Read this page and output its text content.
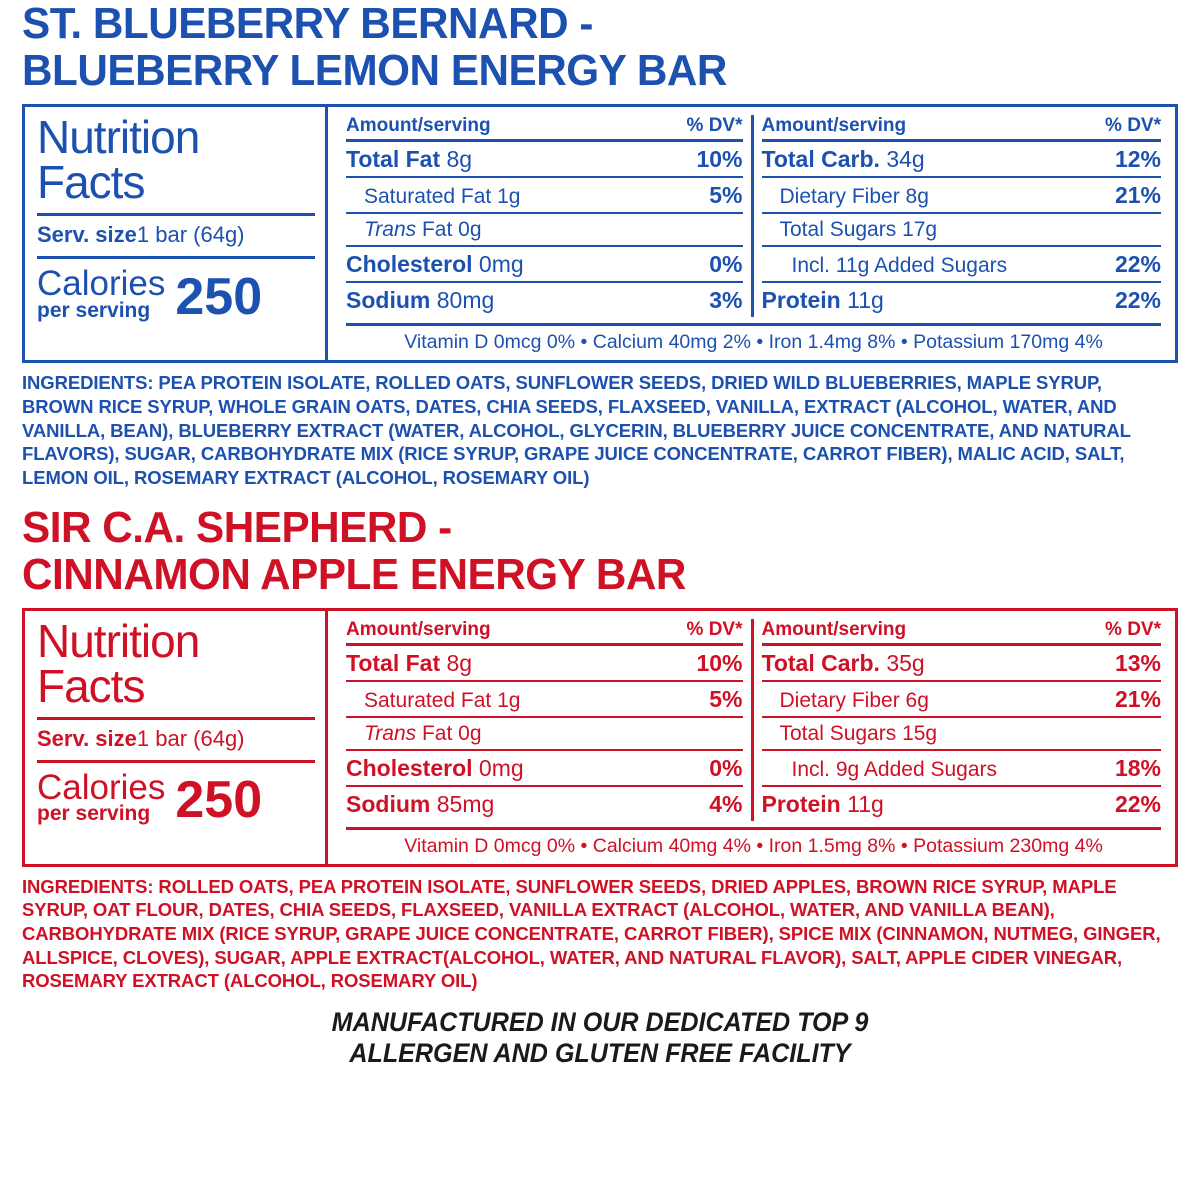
ST. BLUEBERRY BERNARD -
BLUEBERRY LEMON ENERGY BAR
Nutrition
Facts
Serv. size1 bar (64g)
Calories
per serving 250
Amount/serving	% DV*
Total Fat 8g	10%
Saturated Fat 1g	5%
Trans Fat 0g
Cholesterol 0mg	0%
Sodium 80mg	3%
Amount/serving	% DV*
Total Carb. 34g	12%
Dietary Fiber 8g	21%
Total Sugars 17g
Incl. 11g Added Sugars	22%
Protein 11g	22%
Vitamin D 0mcg 0% • Calcium 40mg 2% • Iron 1.4mg 8% • Potassium 170mg 4%
INGREDIENTS: PEA PROTEIN ISOLATE, ROLLED OATS, SUNFLOWER SEEDS, DRIED WILD BLUEBERRIES, MAPLE SYRUP, BROWN RICE SYRUP, WHOLE GRAIN OATS, DATES, CHIA SEEDS, FLAXSEED, VANILLA, EXTRACT (ALCOHOL, WATER, AND VANILLA, BEAN), BLUEBERRY EXTRACT (WATER, ALCOHOL, GLYCERIN, BLUEBERRY JUICE CONCENTRATE, AND NATURAL FLAVORS), SUGAR, CARBOHYDRATE MIX (RICE SYRUP, GRAPE JUICE CONCENTRATE, CARROT FIBER), MALIC ACID, SALT, LEMON OIL, ROSEMARY EXTRACT (ALCOHOL, ROSEMARY OIL)
SIR C.A. SHEPHERD -
CINNAMON APPLE ENERGY BAR
Nutrition
Facts
Serv. size1 bar (64g)
Calories
per serving 250
Amount/serving	% DV*
Total Fat 8g	10%
Saturated Fat 1g	5%
Trans Fat 0g
Cholesterol 0mg	0%
Sodium 85mg	4%
Amount/serving	% DV*
Total Carb. 35g	13%
Dietary Fiber 6g	21%
Total Sugars 15g
Incl. 9g Added Sugars	18%
Protein 11g	22%
Vitamin D 0mcg 0% • Calcium 40mg 4% • Iron 1.5mg 8% • Potassium 230mg 4%
INGREDIENTS: ROLLED OATS, PEA PROTEIN ISOLATE, SUNFLOWER SEEDS, DRIED APPLES, BROWN RICE SYRUP, MAPLE SYRUP, OAT FLOUR, DATES, CHIA SEEDS, FLAXSEED, VANILLA EXTRACT (ALCOHOL, WATER, AND VANILLA BEAN), CARBOHYDRATE MIX (RICE SYRUP, GRAPE JUICE CONCENTRATE, CARROT FIBER), SPICE MIX (CINNAMON, NUTMEG, GINGER, ALLSPICE, CLOVES), SUGAR, APPLE EXTRACT(ALCOHOL, WATER, AND NATURAL FLAVOR), SALT, APPLE CIDER VINEGAR, ROSEMARY EXTRACT (ALCOHOL, ROSEMARY OIL)
MANUFACTURED IN OUR DEDICATED TOP 9
ALLERGEN AND GLUTEN FREE FACILITY
